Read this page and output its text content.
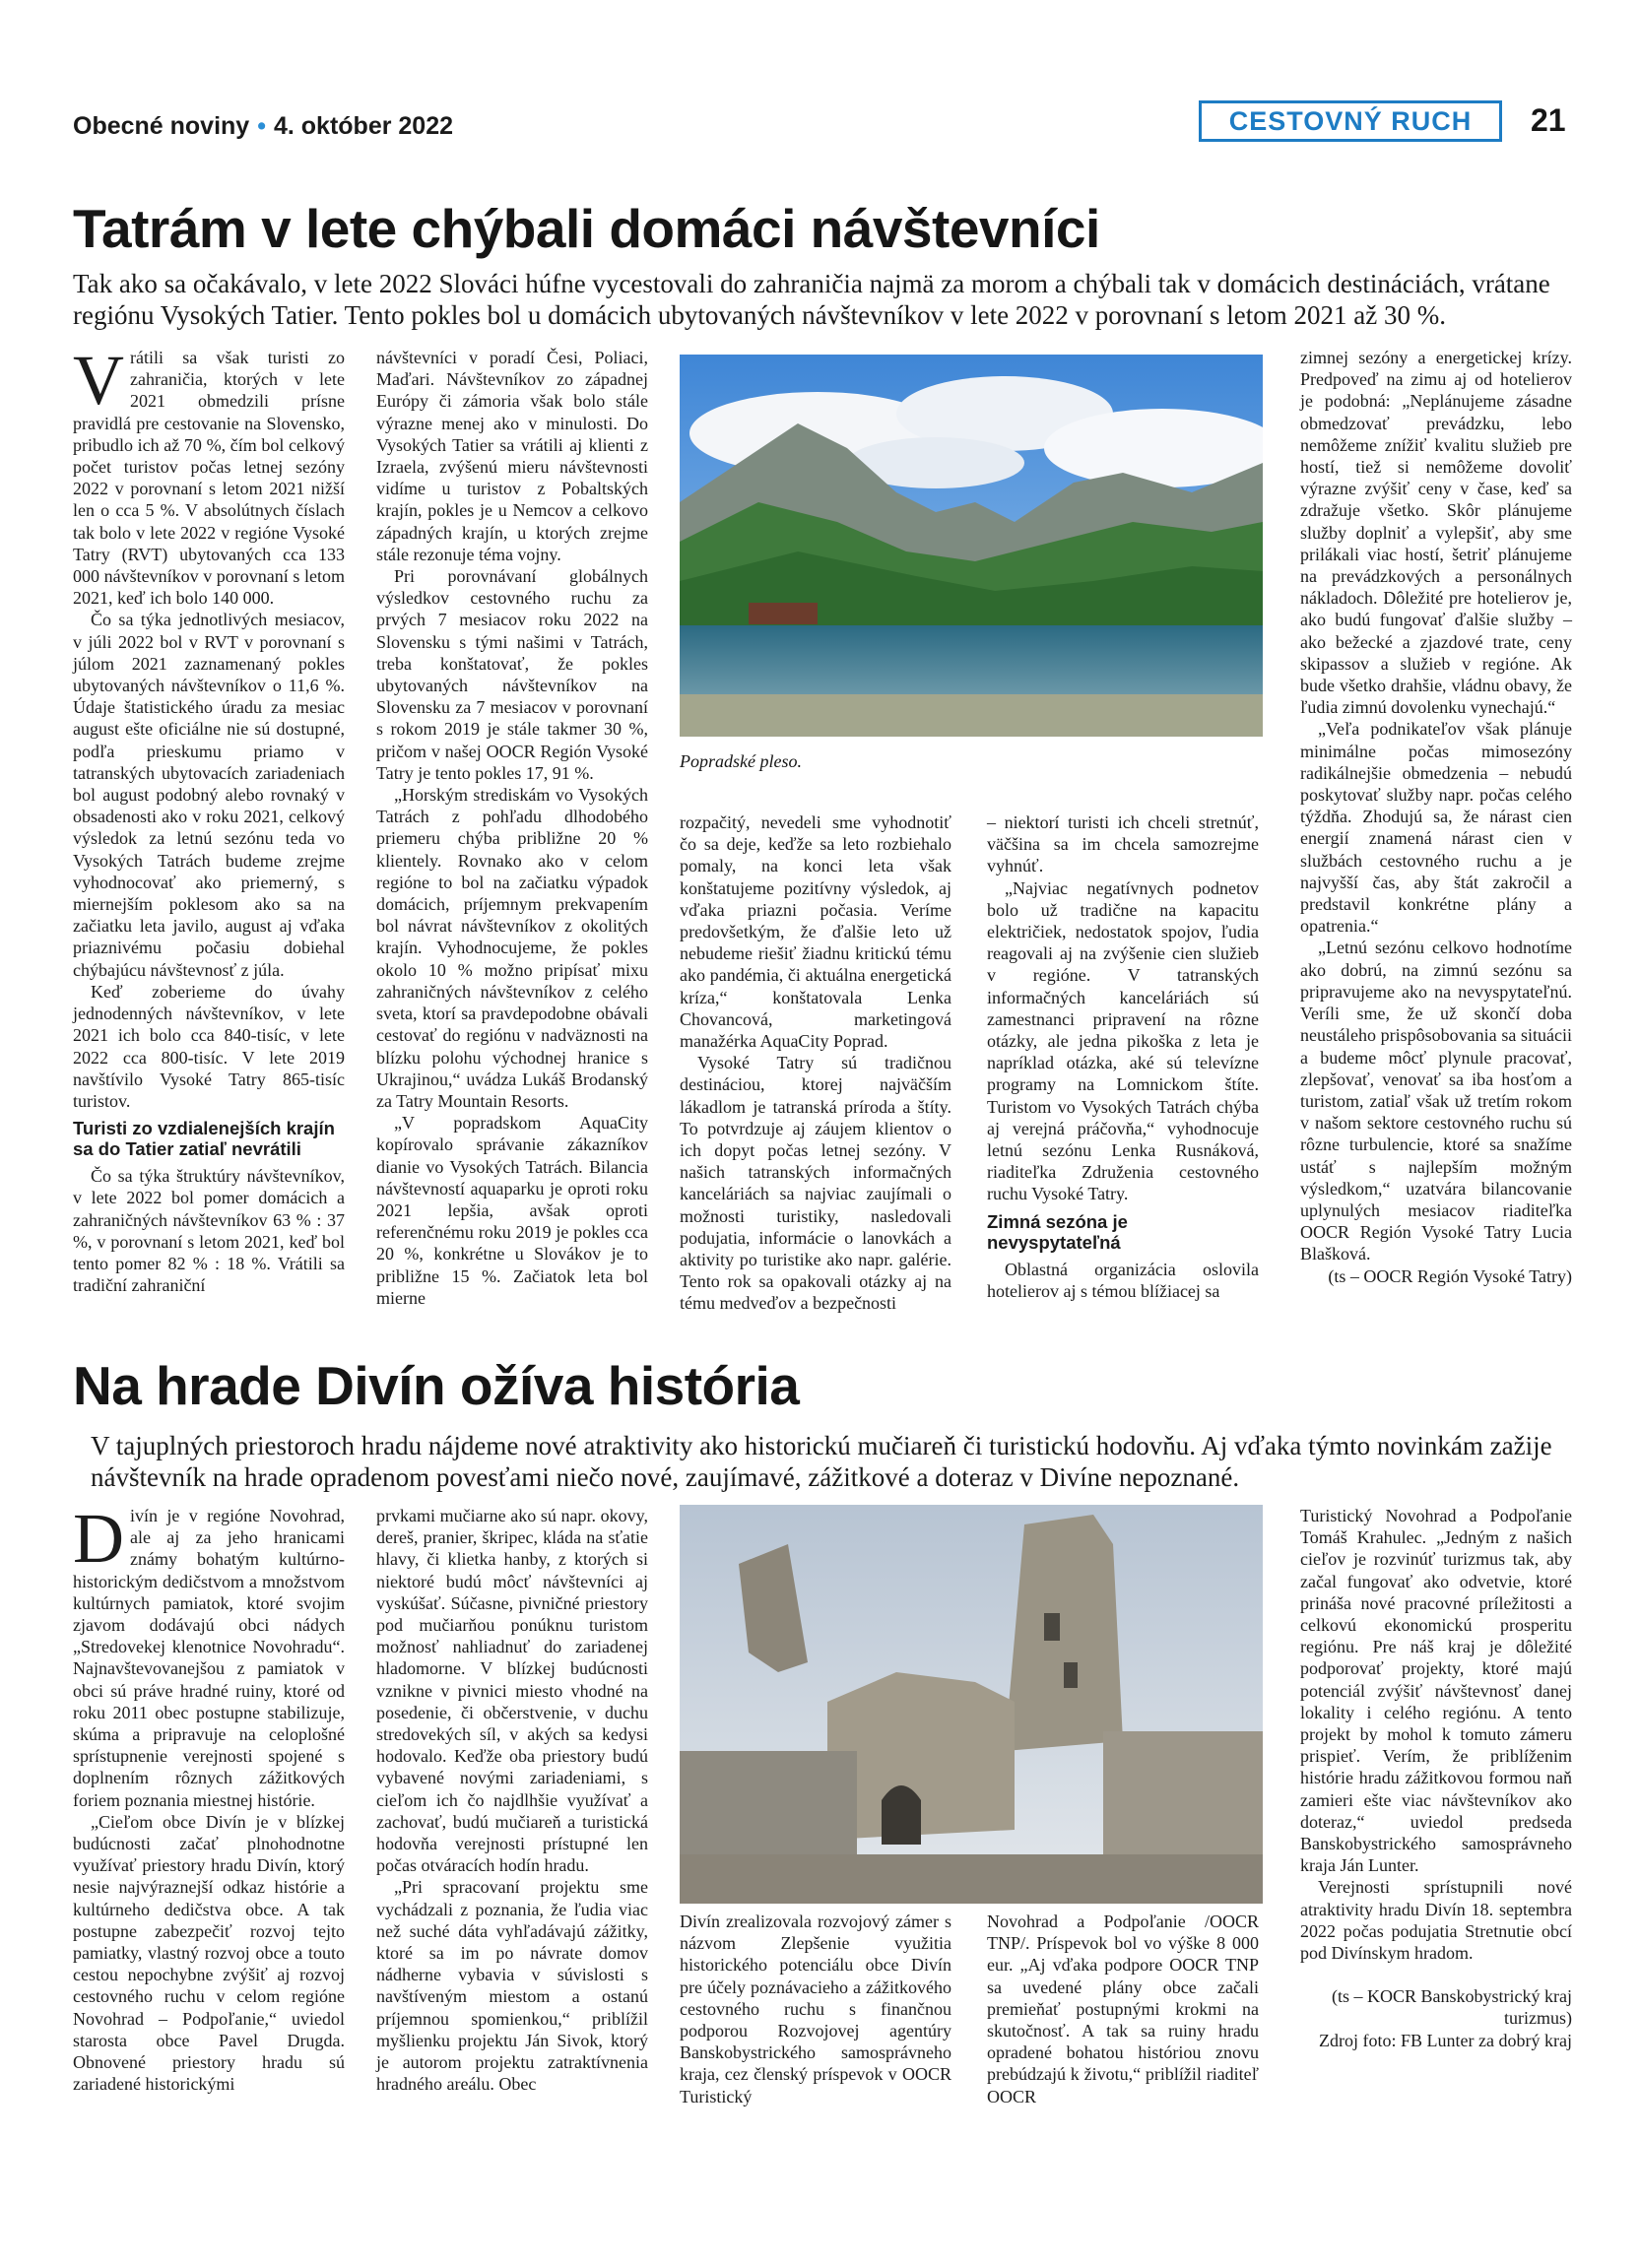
Obecné noviny • 4. október 2022	CESTOVNÝ RUCH	21
Tatrám v lete chýbali domáci návštevníci
Tak ako sa očakávalo, v lete 2022 Slováci húfne vycestovali do zahraničia najmä za morom a chýbali tak v domácich destináciách, vrátane regiónu Vysokých Tatier. Tento pokles bol u domácich ubytovaných návštevníkov v lete 2022 v porovnaní s letom 2021 až 30 %.

Vrátili sa však turisti zo zahraničia, ktorých v lete 2021 obmedzili prísne pravidlá pre cestovanie na Slovensko, pribudlo ich až 70 %, čím bol celkový počet turistov počas letnej sezóny 2022 v porovnaní s letom 2021 nižší len o cca 5 %. V absolútnych číslach tak bolo v lete 2022 v regióne Vysoké Tatry (RVT) ubytovaných cca 133 000 návštevníkov v porovnaní s letom 2021, keď ich bolo 140 000.

Čo sa týka jednotlivých mesiacov, v júli 2022 bol v RVT v porovnaní s júlom 2021 zaznamenaný pokles ubytovaných návštevníkov o 11,6 %. Údaje štatistického úradu za mesiac august ešte oficiálne nie sú dostupné, podľa prieskumu priamo v tatranských ubytovacích zariadeniach bol august podobný alebo rovnaký v obsadenosti ako v roku 2021, celkový výsledok za letnú sezónu teda vo Vysokých Tatrách budeme zrejme vyhodnocovať ako priemerný, s miernejším poklesom ako sa na začiatku leta javilo, august aj vďaka priaznivému počasiu dobiehal chýbajúcu návštevnosť z júla.

Keď zoberieme do úvahy jednodenných návštevníkov, v lete 2021 ich bolo cca 840-tisíc, v lete 2022 cca 800-tisíc. V lete 2019 navštívilo Vysoké Tatry 865-tisíc turistov.

Turisti zo vzdialenejších krajín sa do Tatier zatiaľ nevrátili

Čo sa týka štruktúry návštevníkov, v lete 2022 bol pomer domácich a zahraničných návštevníkov 63 % : 37 %, v porovnaní s letom 2021, keď bol tento pomer 82 % : 18 %. Vrátili sa tradiční zahraniční

návštevníci v poradí Česi, Poliaci, Maďari. Návštevníkov zo západnej Európy či zámoria však bolo stále výrazne menej ako v minulosti. Do Vysokých Tatier sa vrátili aj klienti z Izraela, zvýšenú mieru návštevnosti vidíme u turistov z Pobaltských krajín, pokles je u Nemcov a celkovo západných krajín, u ktorých zrejme stále rezonuje téma vojny.

Pri porovnávaní globálnych výsledkov cestovného ruchu za prvých 7 mesiacov roku 2022 na Slovensku s tými našimi v Tatrách, treba konštatovať, že pokles ubytovaných návštevníkov na Slovensku za 7 mesiacov v porovnaní s rokom 2019 je stále takmer 30 %, pričom v našej OOCR Región Vysoké Tatry je tento pokles 17, 91 %.

„Horským strediskám vo Vysokých Tatrách z pohľadu dlhodobého priemeru chýba približne 20 % klientely. Rovnako ako v celom regióne to bol na začiatku výpadok domácich, príjemnym prekvapením bol návrat návštevníkov z okolitých krajín. Vyhodnocujeme, že pokles okolo 10 % možno pripísať mixu zahraničných návštevníkov z celého sveta, ktorí sa pravdepodobne obávali cestovať do regiónu v nadväznosti na blízku polohu východnej hranice s Ukrajinou,“ uvádza Lukáš Brodanský za Tatry Mountain Resorts.

„V popradskom AquaCity kopírovalo správanie zákazníkov dianie vo Vysokých Tatrách. Bilancia návštevností aquaparku je oproti roku 2021 lepšia, avšak oproti referenčnému roku 2019 je pokles cca 20 %, konkrétne u Slovákov je to približne 15 %. Začiatok leta bol mierne

Popradské pleso.

rozpačitý, nevedeli sme vyhodnotiť čo sa deje, keďže sa leto rozbiehalo pomaly, na konci leta však konštatujeme pozitívny výsledok, aj vďaka priazni počasia. Veríme predovšetkým, že ďalšie leto už nebudeme riešiť žiadnu kritickú tému ako pandémia, či aktuálna energetická kríza,“ konštatovala Lenka Chovancová, marketingová manažérka AquaCity Poprad.

Vysoké Tatry sú tradičnou destináciou, ktorej najväčším lákadlom je tatranská príroda a štíty. To potvrdzuje aj záujem klientov o ich dopyt počas letnej sezóny. V našich tatranských informačných kanceláriách sa najviac zaujímali o možnosti turistiky, nasledovali podujatia, informácie o lanovkách a aktivity po turistike ako napr. galérie. Tento rok sa opakovali otázky aj na tému medveďov a bezpečnosti

– niektorí turisti ich chceli stretnúť, väčšina sa im chcela samozrejme vyhnúť.

„Najviac negatívnych podnetov bolo už tradične na kapacitu električiek, nedostatok spojov, ľudia reagovali aj na zvýšenie cien služieb v regióne. V tatranských informačných kanceláriách sú zamestnanci pripravení na rôzne otázky, ale jedna pikoška z leta je napríklad otázka, aké sú televízne programy na Lomnickom štíte. Turistom vo Vysokých Tatrách chýba aj verejná práčovňa,“ vyhodnocuje letnú sezónu Lenka Rusnáková, riaditeľka Združenia cestovného ruchu Vysoké Tatry.

Zimná sezóna je nevyspytateľná

Oblastná organizácia oslovila hotelierov aj s témou blížiacej sa

zimnej sezóny a energetickej krízy. Predpoveď na zimu aj od hotelierov je podobná: „Neplánujeme zásadne obmedzovať prevádzku, lebo nemôžeme znížiť kvalitu služieb pre hostí, tiež si nemôžeme dovoliť výrazne zvýšiť ceny v čase, keď sa zdražuje všetko. Skôr plánujeme služby doplniť a vylepšiť, aby sme prilákali viac hostí, šetriť plánujeme na prevádzkových a personálnych nákladoch. Dôležité pre hotelierov je, ako budú fungovať ďalšie služby – ako bežecké a zjazdové trate, ceny skipassov a služieb v regióne. Ak bude všetko drahšie, vládnu obavy, že ľudia zimnú dovolenku vynechajú.“

„Veľa podnikateľov však plánuje minimálne počas mimosezóny radikálnejšie obmedzenia – nebudú poskytovať služby napr. počas celého týždňa. Zhodujú sa, že nárast cien energií znamená nárast cien v službách cestovného ruchu a je najvyšší čas, aby štát zakročil a predstavil konkrétne plány a opatrenia.“

„Letnú sezónu celkovo hodnotíme ako dobrú, na zimnú sezónu sa pripravujeme ako na nevyspytateľnú. Veríli sme, že už skončí doba neustáleho prispôsobovania sa situácii a budeme môcť plynule pracovať, zlepšovať, venovať sa iba hosťom a turistom, zatiaľ však už tretím rokom v našom sektore cestovného ruchu sú rôzne turbulencie, ktoré sa snažíme ustáť s najlepším možným výsledkom,“ uzatvára bilancovanie uplynulých mesiacov riaditeľka OOCR Región Vysoké Tatry Lucia Blašková.

(ts – OOCR Región Vysoké Tatry)

Na hrade Divín ožíva história
V tajuplných priestoroch hradu nájdeme nové atraktivity ako historickú mučiareň či turistickú hodovňu. Aj vďaka týmto novinkám zažije návštevník na hrade opradenom povesťami niečo nové, zaujímavé, zážitkové a doteraz v Divíne nepoznané.

Divín je v regióne Novohrad, ale aj za jeho hranicami známy bohatým kultúrno-historickým dedičstvom a množstvom kultúrnych pamiatok, ktoré svojim zjavom dodávajú obci nádych „Stredovekej klenotnice Novohradu“. Najnavštevovanejšou z pamiatok v obci sú práve hradné ruiny, ktoré od roku 2011 obec postupne stabilizuje, skúma a pripravuje na celoplošné sprístupnenie verejnosti spojené s doplnením rôznych zážitkových foriem poznania miestnej histórie.

„Cieľom obce Divín je v blízkej budúcnosti začať plnohodnotne využívať priestory hradu Divín, ktorý nesie najvýraznejší odkaz histórie a kultúrneho dedičstva obce. A tak postupne zabezpečiť rozvoj tejto pamiatky, vlastný rozvoj obce a touto cestou nepochybne zvýšiť aj rozvoj cestovného ruchu v celom regióne Novohrad – Podpoľanie,“ uviedol starosta obce Pavel Drugda. Obnovené priestory hradu sú zariadené historickými

prvkami mučiarne ako sú napr. okovy, dereš, pranier, škripec, kláda na sťatie hlavy, či klietka hanby, z ktorých si niektoré budú môcť návštevníci aj vyskúšať. Súčasne, pivničné priestory pod mučiarňou ponúknu turistom možnosť nahliadnuť do zariadenej hladomorne. V blízkej budúcnosti vznikne v pivnici miesto vhodné na posedenie, či občerstvenie, v duchu stredovekých síl, v akých sa kedysi hodovalo. Keďže oba priestory budú vybavené novými zariadeniami, s cieľom ich čo najdlhšie využívať a zachovať, budú mučiareň a turistická hodovňa verejnosti prístupné len počas otváracích hodín hradu.

„Pri spracovaní projektu sme vychádzali z poznania, že ľudia viac než suché dáta vyhľadávajú zážitky, ktoré sa im po návrate domov nádherne vybavia v súvislosti s navštíveným miestom a ostanú príjemnou spomienkou,“ priblížil myšlienku projektu Ján Sivok, ktorý je autorom projektu zatraktívnenia hradného areálu. Obec

Divín zrealizovala rozvojový zámer s názvom Zlepšenie využitia historického potenciálu obce Divín pre účely poznávacieho a zážitkového cestovného ruchu s finančnou podporou Rozvojovej agentúry Banskobystrického samosprávneho kraja, cez členský príspevok v OOCR Turistický

Novohrad a Podpoľanie /OOCR TNP/. Príspevok bol vo výške 8 000 eur. „Aj vďaka podpore OOCR TNP sa uvedené plány obce začali premieňať postupnými krokmi na skutočnosť. A tak sa ruiny hradu opradené bohatou históriou znovu prebúdzajú k životu,“ priblížil riaditeľ OOCR

Turistický Novohrad a Podpoľanie Tomáš Krahulec. „Jedným z našich cieľov je rozvinúť turizmus tak, aby začal fungovať ako odvetvie, ktoré prináša nové pracovné príležitosti a celkovú ekonomickú prosperitu regiónu. Pre náš kraj je dôležité podporovať projekty, ktoré majú potenciál zvýšiť návštevnosť danej lokality i celého regiónu. A tento projekt by mohol k tomuto zámeru prispieť. Verím, že priblíženim histórie hradu zážitkovou formou naň zamieri ešte viac návštevníkov ako doteraz,“ uviedol predseda Banskobystrického samosprávneho kraja Ján Lunter.

Verejnosti sprístupnili nové atraktivity hradu Divín 18. septembra 2022 počas podujatia Stretnutie obcí pod Divínskym hradom.

(ts – KOCR Banskobystrický kraj turizmus)

Zdroj foto: FB Lunter za dobrý kraj
